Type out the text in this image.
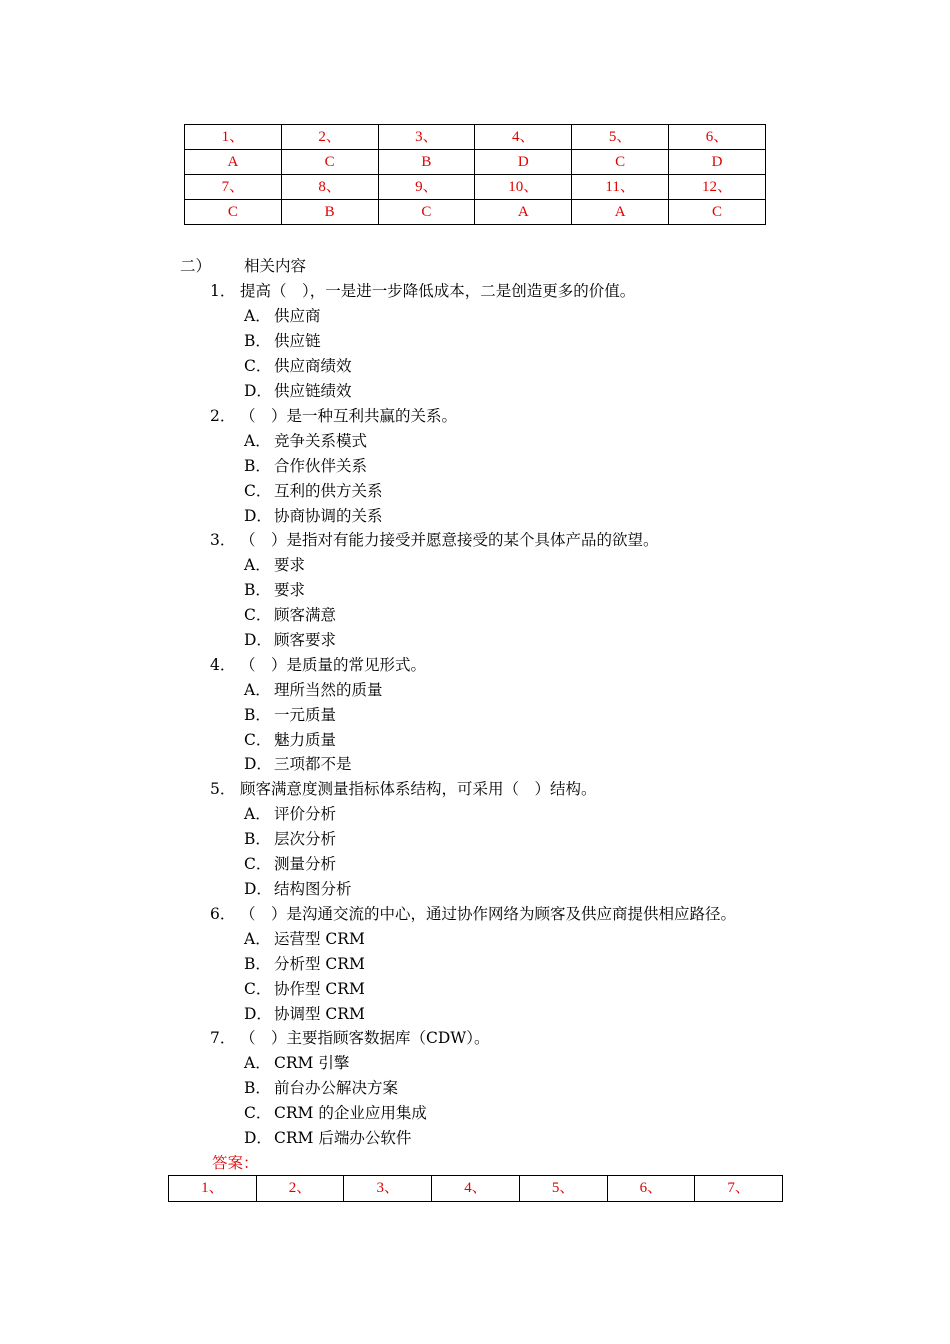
1、	2、	3、	4、	5、	6、
A	C	B	D	C	D
7、	8、	9、	10、	11、	12、
C	B	C	A	A	C
二） 相关内容
1． 提高（　），一是进一步降低成本，二是创造更多的价值。
A． 供应商
B． 供应链
C． 供应商绩效
D． 供应链绩效
2． （　）是一种互利共赢的关系。
A． 竞争关系模式
B． 合作伙伴关系
C． 互利的供方关系
D． 协商协调的关系
3． （　）是指对有能力接受并愿意接受的某个具体产品的欲望。
A． 要求
B． 要求
C． 顾客满意
D． 顾客要求
4． （　）是质量的常见形式。
A． 理所当然的质量
B． 一元质量
C． 魅力质量
D． 三项都不是
5． 顾客满意度测量指标体系结构，可采用（　）结构。
A． 评价分析
B． 层次分析
C． 测量分析
D． 结构图分析
6． （　）是沟通交流的中心，通过协作网络为顾客及供应商提供相应路径。
A． 运营型 CRM
B． 分析型 CRM
C． 协作型 CRM
D． 协调型 CRM
7． （　）主要指顾客数据库（CDW）。
A． CRM 引擎
B． 前台办公解决方案
C． CRM 的企业应用集成
D． CRM 后端办公软件
答案：
1、	2、	3、	4、	5、	6、	7、
